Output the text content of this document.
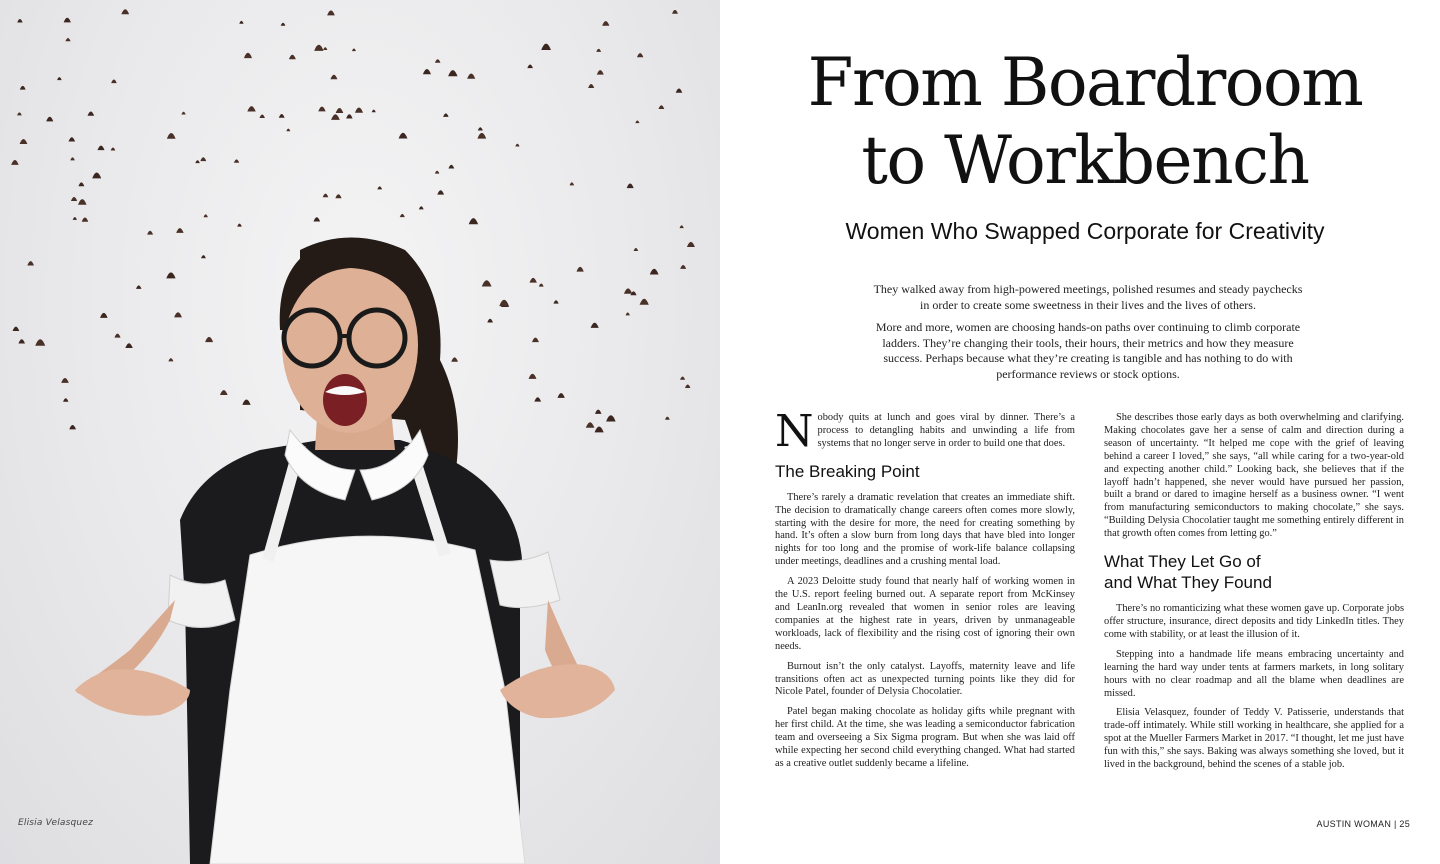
Elisia Velasquez
From Boardroom
to Workbench
Women Who Swapped Corporate for Creativity

They walked away from high-powered meetings, polished resumes and steady paychecks in order to create some sweetness in their lives and the lives of others.

More and more, women are choosing hands-on paths over continuing to climb corporate ladders. They’re changing their tools, their hours, their metrics and how they measure success. Perhaps because what they’re creating is tangible and has nothing to do with performance reviews or stock options.

Nobody quits at lunch and goes viral by dinner. There’s a process to detangling habits and unwinding a life from systems that no longer serve in order to build one that does.

The Breaking Point

There’s rarely a dramatic revelation that creates an immediate shift. The decision to dramatically change careers often comes more slowly, starting with the desire for more, the need for creating something by hand. It’s often a slow burn from long days that have bled into longer nights for too long and the promise of work-life balance collapsing under meetings, deadlines and a crushing mental load.

A 2023 Deloitte study found that nearly half of working women in the U.S. report feeling burned out. A separate report from McKinsey and LeanIn.org revealed that women in senior roles are leaving companies at the highest rate in years, driven by unmanageable workloads, lack of flexibility and the rising cost of ignoring their own needs.

Burnout isn’t the only catalyst. Layoffs, maternity leave and life transitions often act as unexpected turning points like they did for Nicole Patel, founder of Delysia Chocolatier.

Patel began making chocolate as holiday gifts while pregnant with her first child. At the time, she was leading a semiconductor fabrication team and overseeing a Six Sigma program. But when she was laid off while expecting her second child everything changed. What had started as a creative outlet suddenly became a lifeline.

She describes those early days as both overwhelming and clarifying. Making chocolates gave her a sense of calm and direction during a season of uncertainty. “It helped me cope with the grief of leaving behind a career I loved,” she says, “all while caring for a two-year-old and expecting another child.” Looking back, she believes that if the layoff hadn’t happened, she never would have pursued her passion, built a brand or dared to imagine herself as a business owner. “I went from manufacturing semiconductors to making chocolate,” she says. “Building Delysia Chocolatier taught me something entirely different in that growth often comes from letting go.”

What They Let Go of
and What They Found

There’s no romanticizing what these women gave up. Corporate jobs offer structure, insurance, direct deposits and tidy LinkedIn titles. They come with stability, or at least the illusion of it.

Stepping into a handmade life means embracing uncertainty and learning the hard way under tents at farmers markets, in long solitary hours with no clear roadmap and all the blame when deadlines are missed.

Elisia Velasquez, founder of Teddy V. Patisserie, understands that trade-off intimately. While still working in healthcare, she applied for a spot at the Mueller Farmers Market in 2017. “I thought, let me just have fun with this,” she says. Baking was always something she loved, but it lived in the background, behind the scenes of a stable job.

AUSTIN WOMAN | 25
